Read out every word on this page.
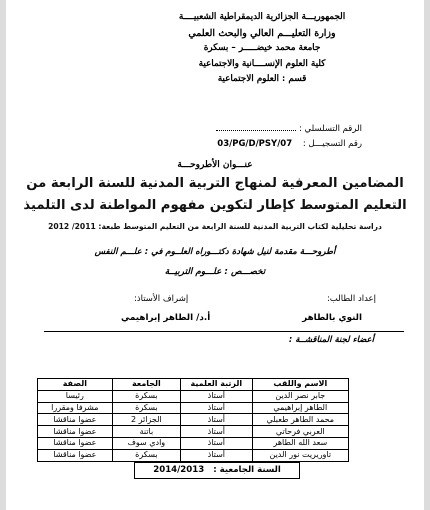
الجمهوريـــة الجزائرية الديمقراطية الشعبيــــة
وزارة التعليـــم العالي والبحث العلمي
جامعة محمد خيضـــــر – بسكرة
كلية العلوم الإنســــانية والاجتماعية
قسم : العلوم الاجتماعية
الرقم التسلسلي :
رقم التسجيـــل : 03/PG/D/PSY/07
عنـــوان الأطروحـــة
المضامين المعرفية لمنهاج التربية المدنية للسنة الرابعة من
التعليم المتوسط كإطار لتكوين مفهوم المواطنة لدى التلميذ
دراسة تحليلية لكتاب التربية المدنية للسنة الرابعة من التعليم المتوسط طبعة: 2011/ 2012
أطروحـــة مقدمة لنيل شهادة دكتـــوراه العلــوم في : علـــم النفس
تخصـــص : علـــوم التربيــة
إعداد الطالب:
إشراف الأستاذ:
النوي بالطاهر
أ.د/ الطاهر إبراهيمي
أعضاء لجنة المناقشــة :
الاسم واللقب	الرتبة العلمية	الجامعة	الصفة
جابر نصر الدين	أستاذ	بسكرة	رئيسا
الطاهر إبراهيمي	أستاذ	بسكرة	مشرفا ومقررا
محمد الطاهر طعبلي	أستاذ	الجزائر 2	عضوا مناقشا
العربي فرحاتي	أستاذ	باتنة	عضوا مناقشا
سعد الله الطاهر	أستاذ	وادي سوف	عضوا مناقشا
تاوريريت نور الدين	أستاذ	بسكرة	عضوا مناقشا
السنة الجامعية : 2014/2013
